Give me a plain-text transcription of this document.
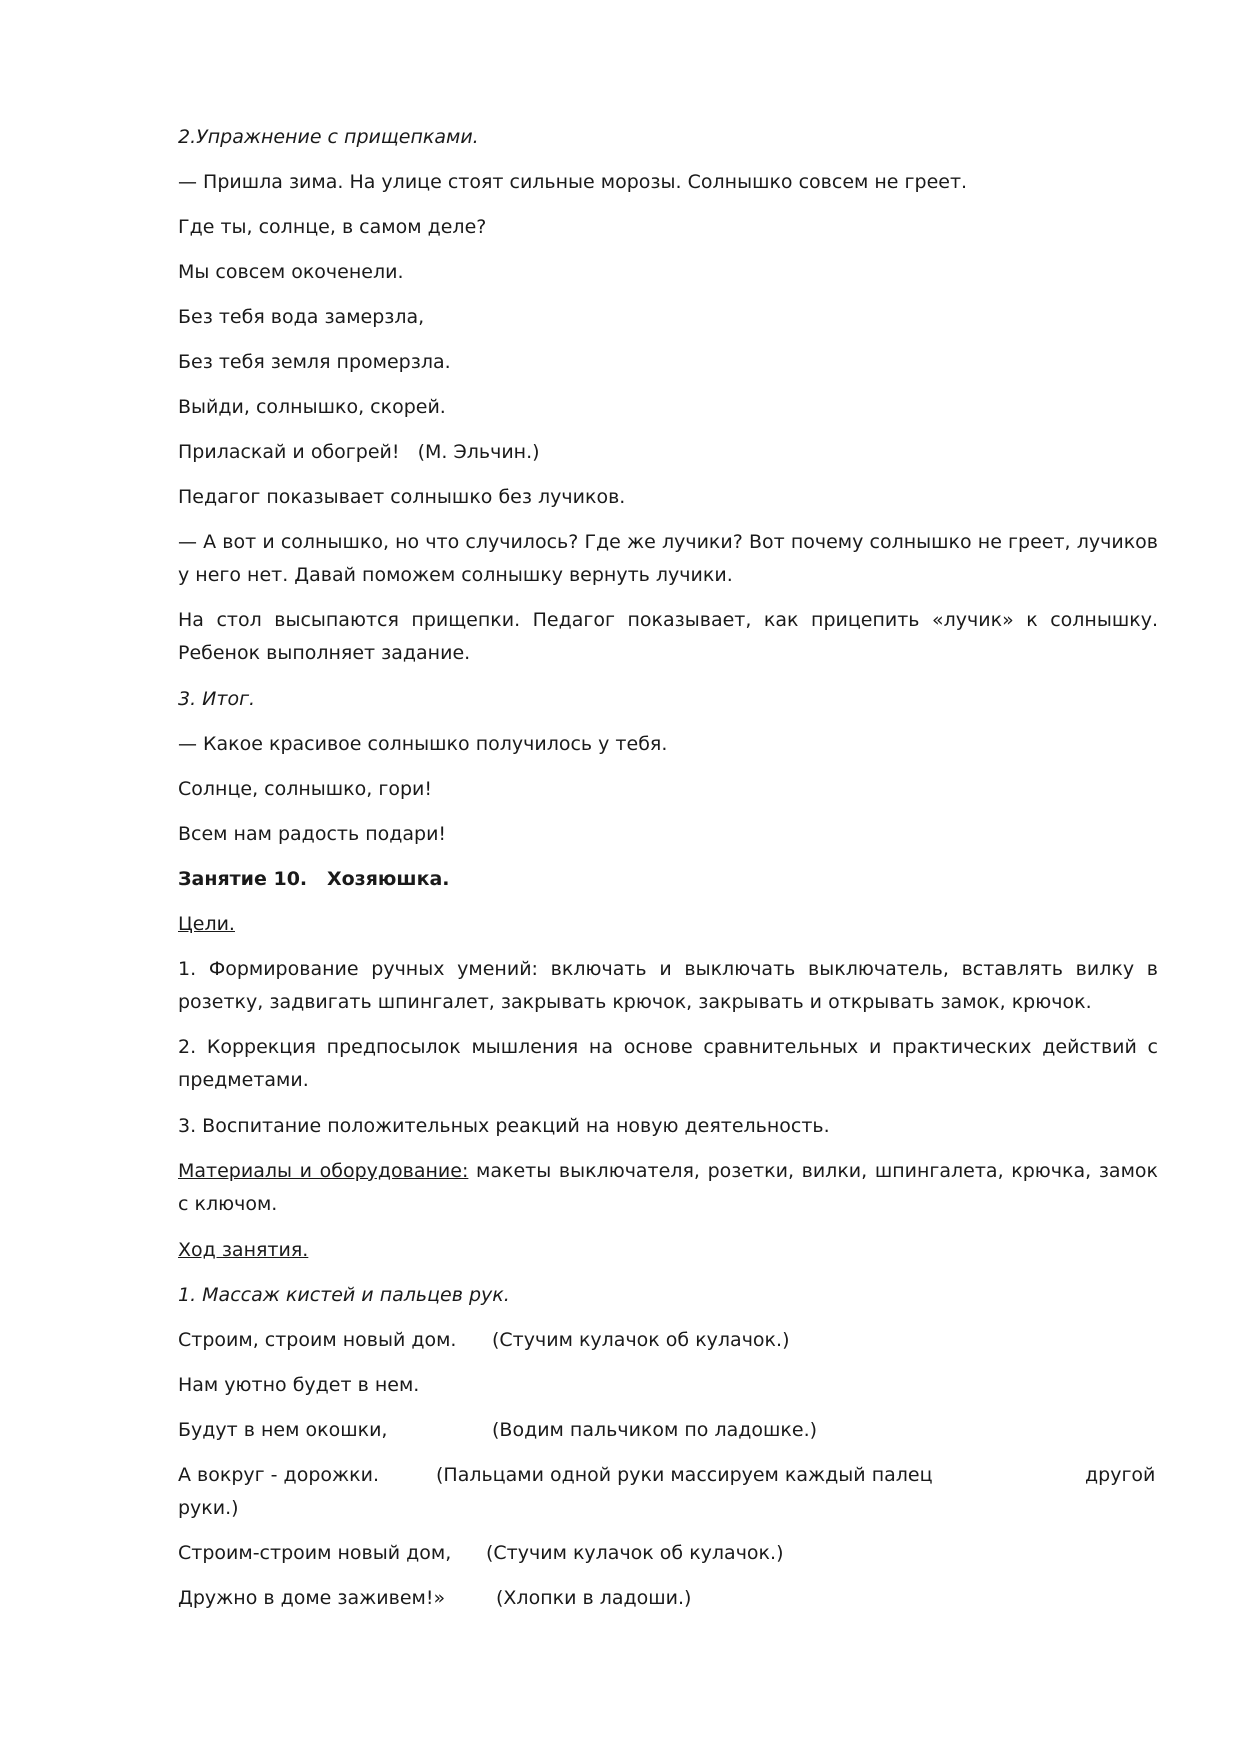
2.Упражнение с прищепками.
— Пришла зима. На улице стоят сильные морозы. Солнышко совсем не греет.
Где ты, солнце, в самом деле?
Мы совсем окоченели.
Без тебя вода замерзла,
Без тебя земля промерзла.
Выйди, солнышко, скорей.
Приласкай и обогрей!   (М. Эльчин.)
Педагог показывает солнышко без лучиков.
— А вот и солнышко, но что случилось? Где же лучики? Вот почему солнышко не греет, лучиков у него нет. Давай поможем солнышку вернуть лучики.
На стол высыпаются прищепки. Педагог показывает, как прицепить «лучик» к солнышку. Ребенок выполняет задание.
3. Итог.
— Какое красивое солнышко получилось у тебя.
Солнце, солнышко, гори!
Всем нам радость подари!
Занятие 10.   Хозяюшка.
Цели.
1. Формирование ручных умений: включать и выключать выключатель, вставлять вилку в розетку, задвигать шпингалет, закрывать крючок, закрывать и открывать замок, крючок.
2. Коррекция предпосылок мышления на основе сравнительных и практических действий с предметами.
3. Воспитание положительных реакций на новую деятельность.
Материалы и оборудование: макеты выключателя, розетки, вилки, шпингалета, крючка, замок с ключом.
Ход занятия.
1. Массаж кистей и пальцев рук.
Строим, строим новый дом. (Стучим кулачок об кулачок.)
Нам уютно будет в нем.
Будут в нем окошки,	(Водим пальчиком по ладошке.)
А вокруг - дорожки.	(Пальцами одной руки массируем каждый палец	другой
руки.)
Строим-строим новый дом, (Стучим кулачок об кулачок.)
Дружно в доме заживем!»	(Хлопки в ладоши.)
